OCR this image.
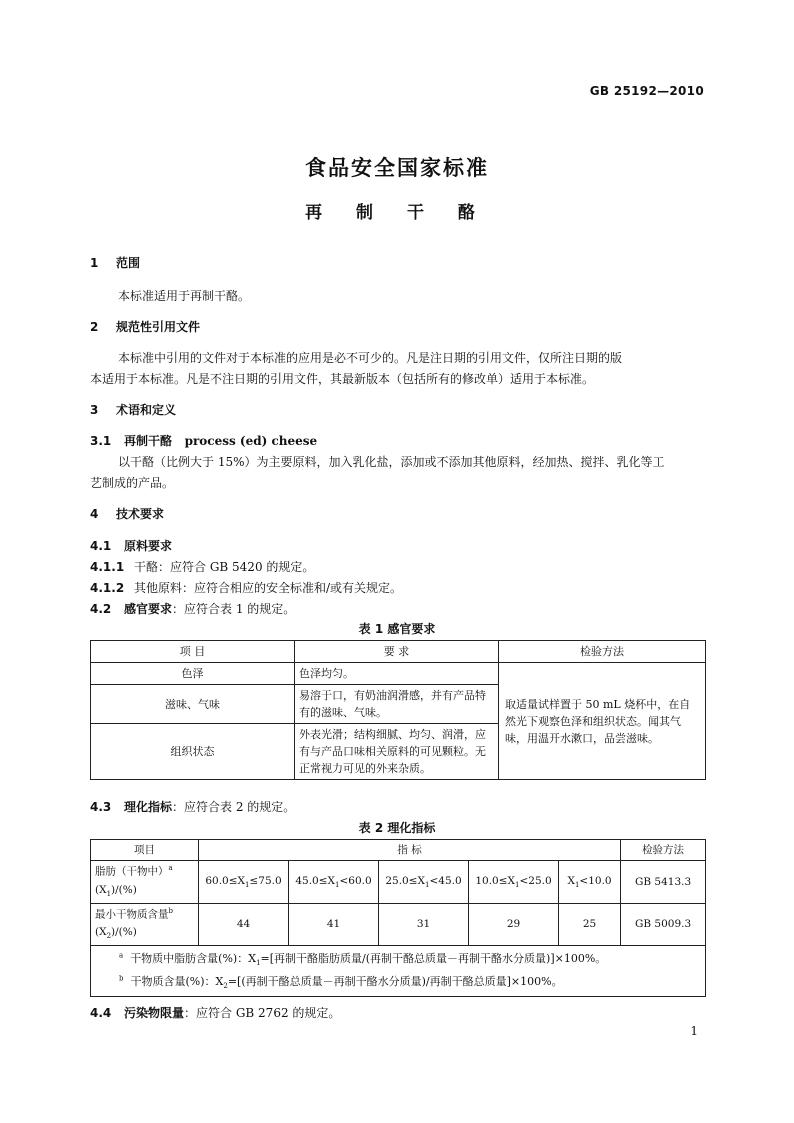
GB 25192—2010
食品安全国家标准
再 制 干 酪
1 范围
本标准适用于再制干酪。
2 规范性引用文件
本标准中引用的文件对于本标准的应用是必不可少的。凡是注日期的引用文件，仅所注日期的版
本适用于本标准。凡是不注日期的引用文件，其最新版本（包括所有的修改单）适用于本标准。
3 术语和定义
3.1 再制干酪 process (ed) cheese
以干酪（比例大于 15%）为主要原料，加入乳化盐，添加或不添加其他原料，经加热、搅拌、乳化等工
艺制成的产品。
4 技术要求
4.1 原料要求
4.1.1 干酪：应符合 GB 5420 的规定。
4.1.2 其他原料：应符合相应的安全标准和/或有关规定。
4.2 感官要求：应符合表 1 的规定。
表 1 感官要求
项 目	要 求	检验方法
色泽	色泽均匀。	取适量试样置于 50 mL 烧杯中，在自然光下观察色泽和组织状态。闻其气味，用温开水漱口，品尝滋味。
滋味、气味	易溶于口，有奶油润滑感，并有产品特有的滋味、气味。	
组织状态	外表光滑；结构细腻、均匀、润滑，应有与产品口味相关原料的可见颗粒。无正常视力可见的外来杂质。	
4.3 理化指标：应符合表 2 的规定。
表 2 理化指标
项目	指 标					检验方法
脂肪（干物中）$^a$
$(X_1)/(\%)$	$60.0\le X_1\le 75.0$	$45.0\le X_1<60.0$	$25.0\le X_1<45.0$	$10.0\le X_1<25.0$	$X_1<10.0$	GB 5413.3
最小干物质含量$^b$
$(X_2)/(\%)$	44	41	31	29	25	GB 5009.3

$^a$ 干物质中脂肪含量(%)：$X_1=$[再制干酪脂肪质量/(再制干酪总质量－再制干酪水分质量)]×100%。
$^b$ 干物质含量(%)：$X_2=$[(再制干酪总质量－再制干酪水分质量)/再制干酪总质量]×100%。						
4.4 污染物限量：应符合 GB 2762 的规定。
1
